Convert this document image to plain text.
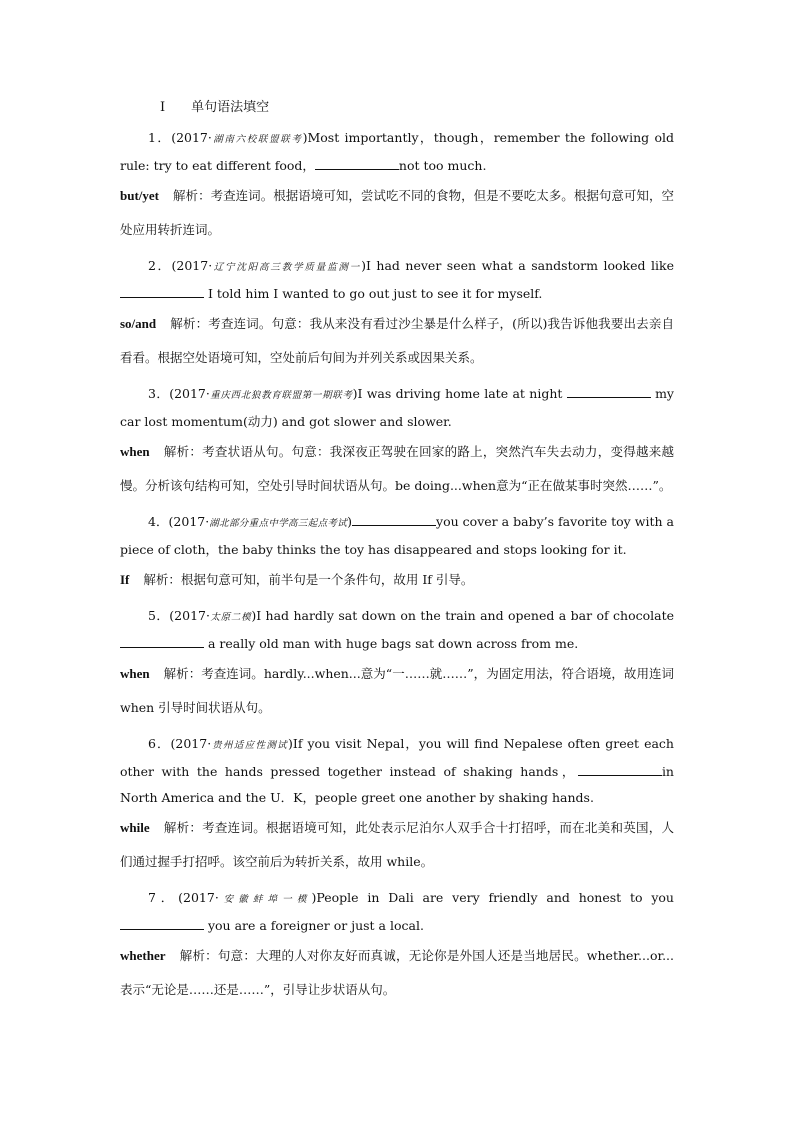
Ⅰ 单句语法填空

1．(2017·湖南六校联盟联考)Most importantly，though，remember the following old rule: try to eat different food，	not too much.

but/yet 解析：考查连词。根据语境可知，尝试吃不同的食物，但是不要吃太多。根据句意可知，空处应用转折连词。

2．(2017·辽宁沈阳高三教学质量监测一)I had never seen what a sandstorm looked like  I told him I wanted to go out just to see it for myself.

so/and 解析：考查连词。句意：我从来没有看过沙尘暴是什么样子，(所以)我告诉他我要出去亲自看看。根据空处语境可知，空处前后句间为并列关系或因果关系。

3．(2017·重庆西北狼教育联盟第一期联考)I was driving home late at night	my car lost momentum(动力) and got slower and slower.

when 解析：考查状语从句。句意：我深夜正驾驶在回家的路上，突然汽车失去动力，变得越来越慢。分析该句结构可知，空处引导时间状语从句。be doing...when意为“正在做某事时突然……”。

4．(2017·湖北部分重点中学高三起点考试)	you cover a baby’s favorite toy with a piece of cloth，the baby thinks the toy has disappeared and stops looking for it.

If 解析：根据句意可知，前半句是一个条件句，故用 If 引导。

5．(2017·太原二模)I had hardly sat down on the train and opened a bar of chocolate  a really old man with huge bags sat down across from me.

when 解析：考查连词。hardly...when...意为“一……就……”，为固定用法，符合语境，故用连词 when 引导时间状语从句。

6．(2017·贵州适应性测试)If you visit Nepal，you will find Nepalese often greet each other with the hands pressed together instead of shaking hands，	in North America and the U．K，people greet one another by shaking hands.

while 解析：考查连词。根据语境可知，此处表示尼泊尔人双手合十打招呼，而在北美和英国，人们通过握手打招呼。该空前后为转折关系，故用 while。

7．(2017·安徽蚌埠一模)People in Dali are very friendly and honest to you  you are a foreigner or just a local.

whether 解析：句意：大理的人对你友好而真诚，无论你是外国人还是当地居民。whether...or...表示“无论是……还是……”，引导让步状语从句。
